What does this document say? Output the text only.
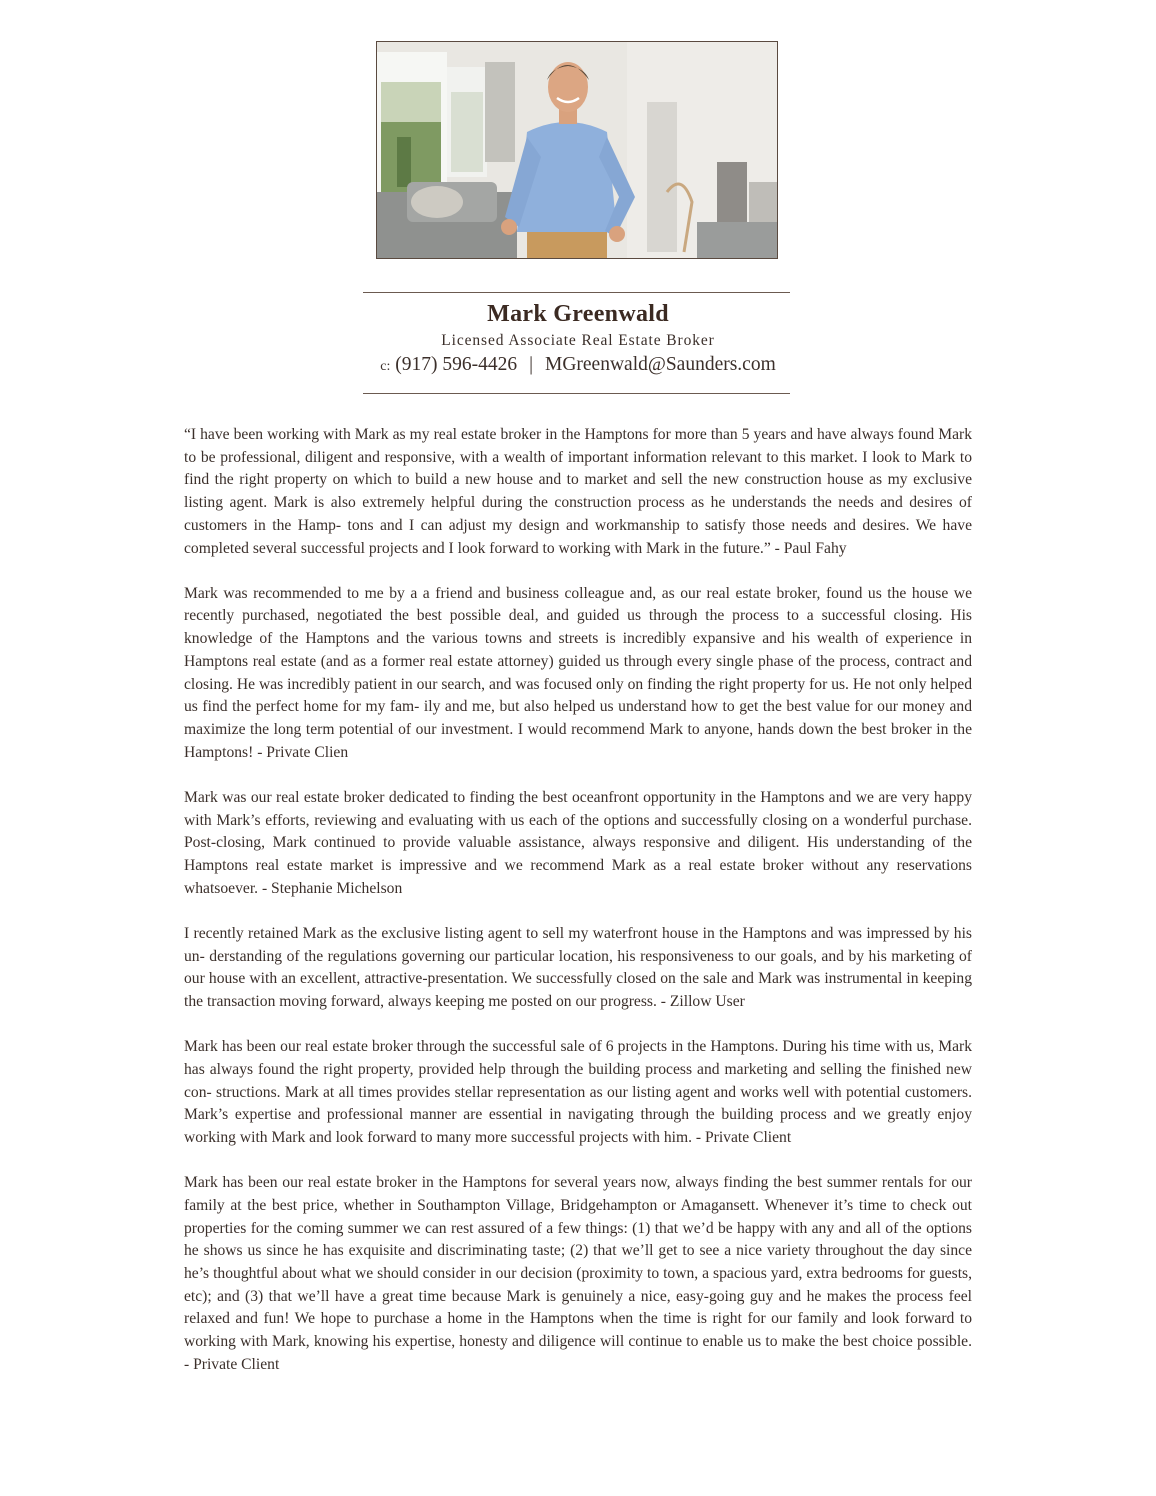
Mark Greenwald
Licensed Associate Real Estate Broker
c: (917) 596-4426 | MGreenwald@Saunders.com

“I have been working with Mark as my real estate broker in the Hamptons for more than 5 years and have always found Mark to be professional, diligent and responsive, with a wealth of important information relevant to this market. I look to Mark to find the right property on which to build a new house and to market and sell the new construction house as my exclusive listing agent. Mark is also extremely helpful during the construction process as he understands the needs and desires of customers in the Hamp- tons and I can adjust my design and workmanship to satisfy those needs and desires. We have completed several successful projects and I look forward to working with Mark in the future.” - Paul Fahy

Mark was recommended to me by a a friend and business colleague and, as our real estate broker, found us the house we recently purchased, negotiated the best possible deal, and guided us through the process to a successful closing. His knowledge of the Hamptons and the various towns and streets is incredibly expansive and his wealth of experience in Hamptons real estate (and as a former real estate attorney) guided us through every single phase of the process, contract and closing. He was incredibly patient in our search, and was focused only on finding the right property for us. He not only helped us find the perfect home for my fam- ily and me, but also helped us understand how to get the best value for our money and maximize the long term potential of our investment. I would recommend Mark to anyone, hands down the best broker in the Hamptons! - Private Clien

Mark was our real estate broker dedicated to finding the best oceanfront opportunity in the Hamptons and we are very happy with Mark’s efforts, reviewing and evaluating with us each of the options and successfully closing on a wonderful purchase. Post-closing, Mark continued to provide valuable assistance, always responsive and diligent. His understanding of the Hamptons real estate market is impressive and we recommend Mark as a real estate broker without any reservations whatsoever. - Stephanie Michelson

I recently retained Mark as the exclusive listing agent to sell my waterfront house in the Hamptons and was impressed by his un- derstanding of the regulations governing our particular location, his responsiveness to our goals, and by his marketing of our house with an excellent, attractive-presentation. We successfully closed on the sale and Mark was instrumental in keeping the transaction moving forward, always keeping me posted on our progress. - Zillow User

Mark has been our real estate broker through the successful sale of 6 projects in the Hamptons. During his time with us, Mark has always found the right property, provided help through the building process and marketing and selling the finished new con- structions. Mark at all times provides stellar representation as our listing agent and works well with potential customers. Mark’s expertise and professional manner are essential in navigating through the building process and we greatly enjoy working with Mark and look forward to many more successful projects with him. - Private Client

Mark has been our real estate broker in the Hamptons for several years now, always finding the best summer rentals for our family at the best price, whether in Southampton Village, Bridgehampton or Amagansett. Whenever it’s time to check out properties for the coming summer we can rest assured of a few things: (1) that we’d be happy with any and all of the options he shows us since he has exquisite and discriminating taste; (2) that we’ll get to see a nice variety throughout the day since he’s thoughtful about what we should consider in our decision (proximity to town, a spacious yard, extra bedrooms for guests, etc); and (3) that we’ll have a great time because Mark is genuinely a nice, easy-going guy and he makes the process feel relaxed and fun! We hope to purchase a home in the Hamptons when the time is right for our family and look forward to working with Mark, knowing his expertise, honesty and diligence will continue to enable us to make the best choice possible. - Private Client
